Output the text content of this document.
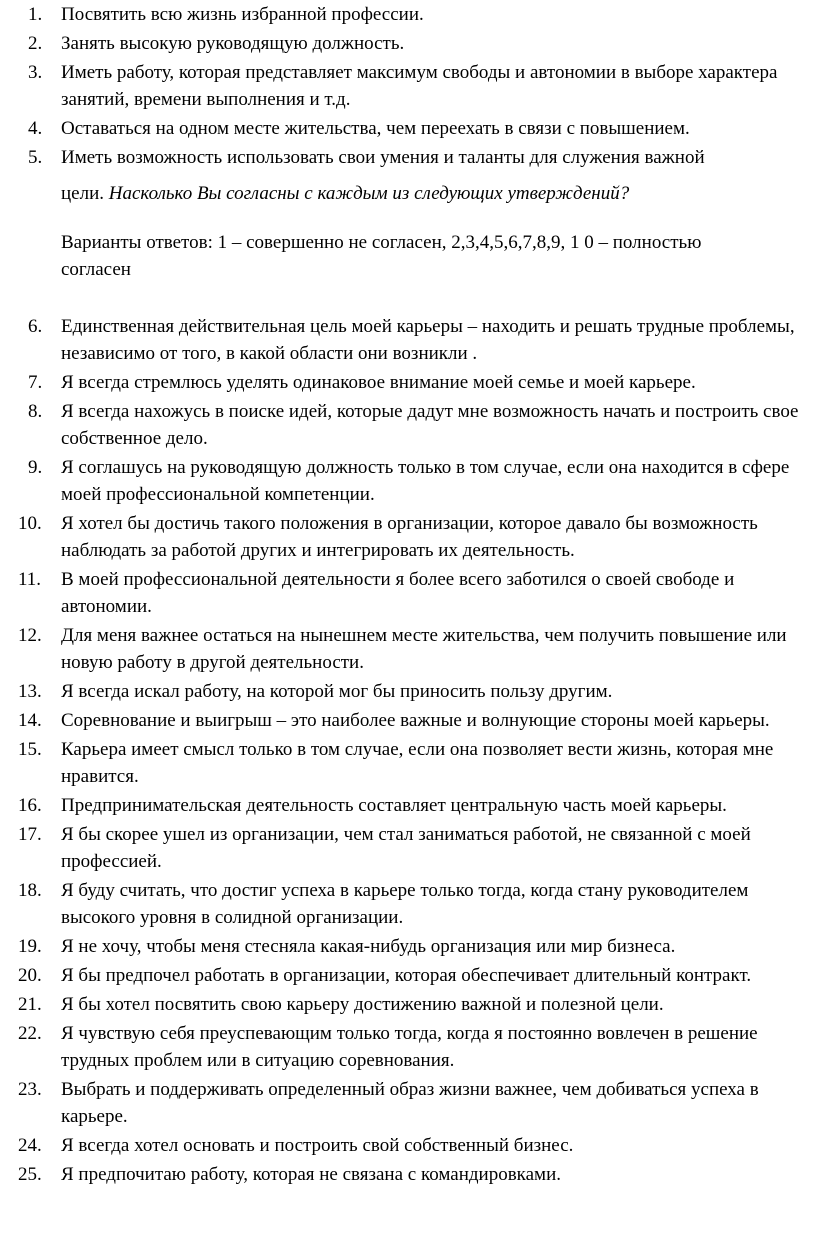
1. Посвятить всю жизнь избранной профессии.
2. Занять высокую руководящую должность.
3. Иметь работу, которая представляет максимум свободы и автономии в выборе характера занятий, времени выполнения и т.д.
4. Оставаться на одном месте жительства, чем переехать в связи с повышением.
5. Иметь возможность использовать свои умения и таланты для служения важной
цели. Насколько Вы согласны с каждым из следующих утверждений?
Варианты ответов: 1 – совершенно не согласен, 2,3,4,5,6,7,8,9, 1 0 – полностью согласен
6. Единственная действительная цель моей карьеры – находить и решать трудные проблемы, независимо от того, в какой области они возникли .
7. Я всегда стремлюсь уделять одинаковое внимание моей семье и моей карьере.
8. Я всегда нахожусь в поиске идей, которые дадут мне возможность начать и построить свое собственное дело.
9. Я соглашусь на руководящую должность только в том случае, если она находится в сфере моей профессиональной компетенции.
10.	Я хотел бы достичь такого положения в организации, которое давало бы возможность наблюдать за работой других и интегрировать их деятельность.
11.	В моей профессиональной деятельности я более всего заботился о своей свободе и автономии.
12.	Для меня важнее остаться на нынешнем месте жительства, чем получить повышение или новую работу в другой деятельности.
13.	Я всегда искал работу, на которой мог бы приносить пользу другим.
14.	Соревнование и выигрыш – это наиболее важные и волнующие стороны моей карьеры.
15.	Карьера имеет смысл только в том случае, если она позволяет вести жизнь, которая мне нравится.
16.	Предпринимательская деятельность составляет центральную часть моей карьеры.
17.	Я бы скорее ушел из организации, чем стал заниматься работой, не связанной с моей профессией.
18.	Я буду считать, что достиг успеха в карьере только тогда, когда стану руководителем высокого уровня в солидной организации.
19.	Я не хочу, чтобы меня стесняла какая-нибудь организация или мир бизнеса.
20.	Я бы предпочел работать в организации, которая обеспечивает длительный контракт.
21.	Я бы хотел посвятить свою карьеру достижению важной и полезной цели.
22.	Я чувствую себя преуспевающим только тогда, когда я постоянно вовлечен в решение трудных проблем или в ситуацию соревнования.
23.	Выбрать и поддерживать определенный образ жизни важнее, чем добиваться успеха в карьере.
24.	Я всегда хотел основать и построить свой собственный бизнес.
25.	Я предпочитаю работу, которая не связана с командировками.
